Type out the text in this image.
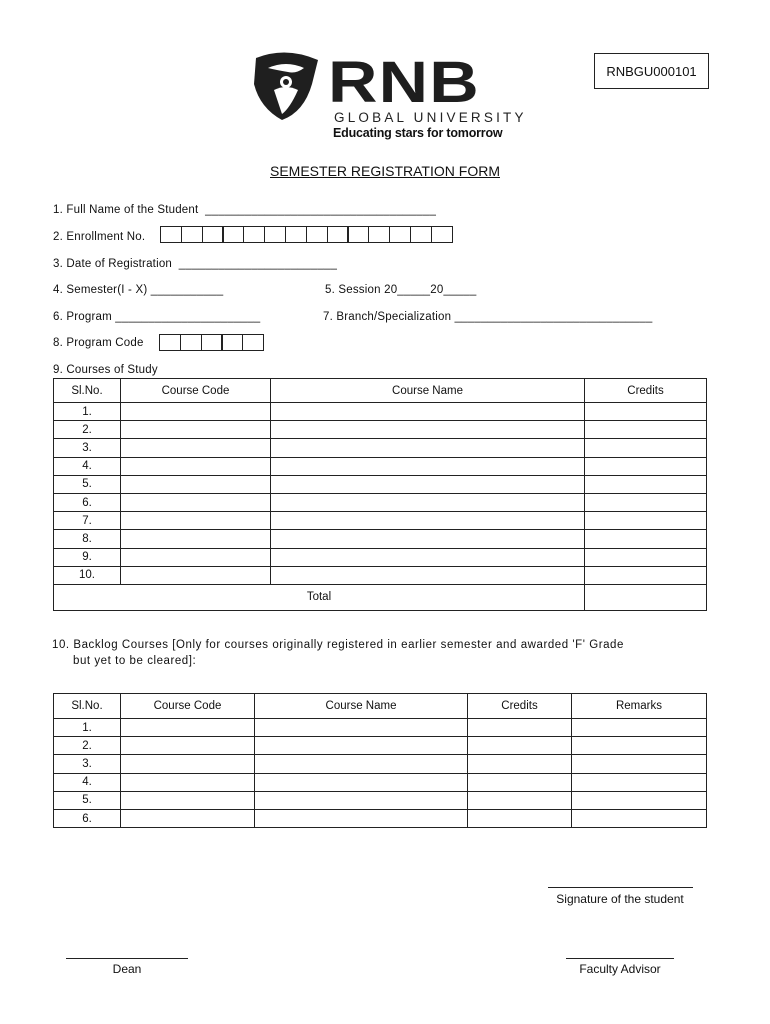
RNBGU000101
RNB
GLOBAL UNIVERSITY
Educating stars for tomorrow
SEMESTER REGISTRATION FORM
1. Full Name of the Student  ___________________________________
2. Enrollment No.
3. Date of Registration  ________________________
4. Semester(I - X) ___________	5. Session 20_____20_____
6. Program ______________________	7. Branch/Specialization ______________________________
8. Program Code
9. Courses of Study
Sl.No.	Course Code	Course Name	Credits
1.			
2.			
3.			
4.			
5.			
6.			
7.			
8.			
9.			
10.			
Total			
10. Backlog Courses [Only for courses originally registered in earlier semester and awarded 'F' Grade
but yet to be cleared]:
Sl.No.	Course Code	Course Name	Credits	Remarks
1.				
2.				
3.				
4.				
5.				
6.				
Signature of the student
Dean	Faculty Advisor
